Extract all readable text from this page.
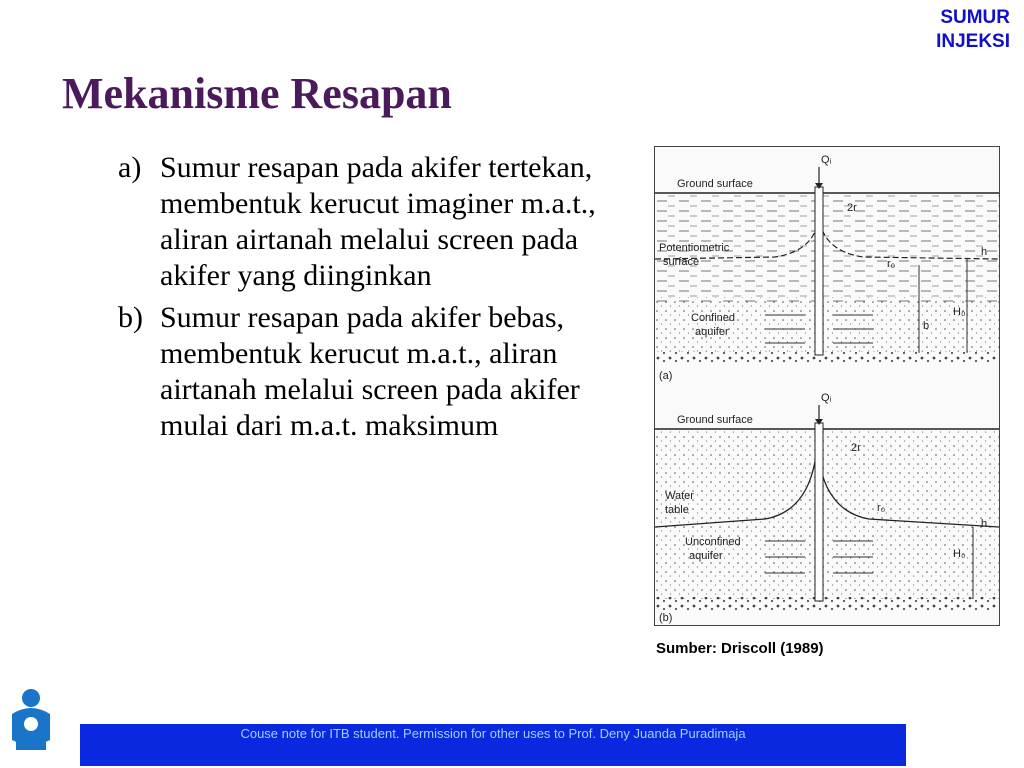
SUMUR
INJEKSI
Mekanisme Resapan
a) Sumur resapan pada akifer tertekan, membentuk kerucut imaginer m.a.t., aliran airtanah melalui screen pada akifer yang diinginkan
b) Sumur resapan pada akifer bebas, membentuk kerucut m.a.t., aliran airtanah melalui screen pada akifer mulai dari m.a.t. maksimum
Qᵢ
Ground surface
2r
Potentiometric
surface	r₀
h
H₀
b
Confined
aquifer
(a)
Qᵢ
Ground surface
2r
Water
table	r₀
h
H₀
Unconfined
aquifer
(b)
Sumber: Driscoll (1989)
Couse note for ITB student. Permission for other uses to Prof. Deny Juanda Puradimaja
